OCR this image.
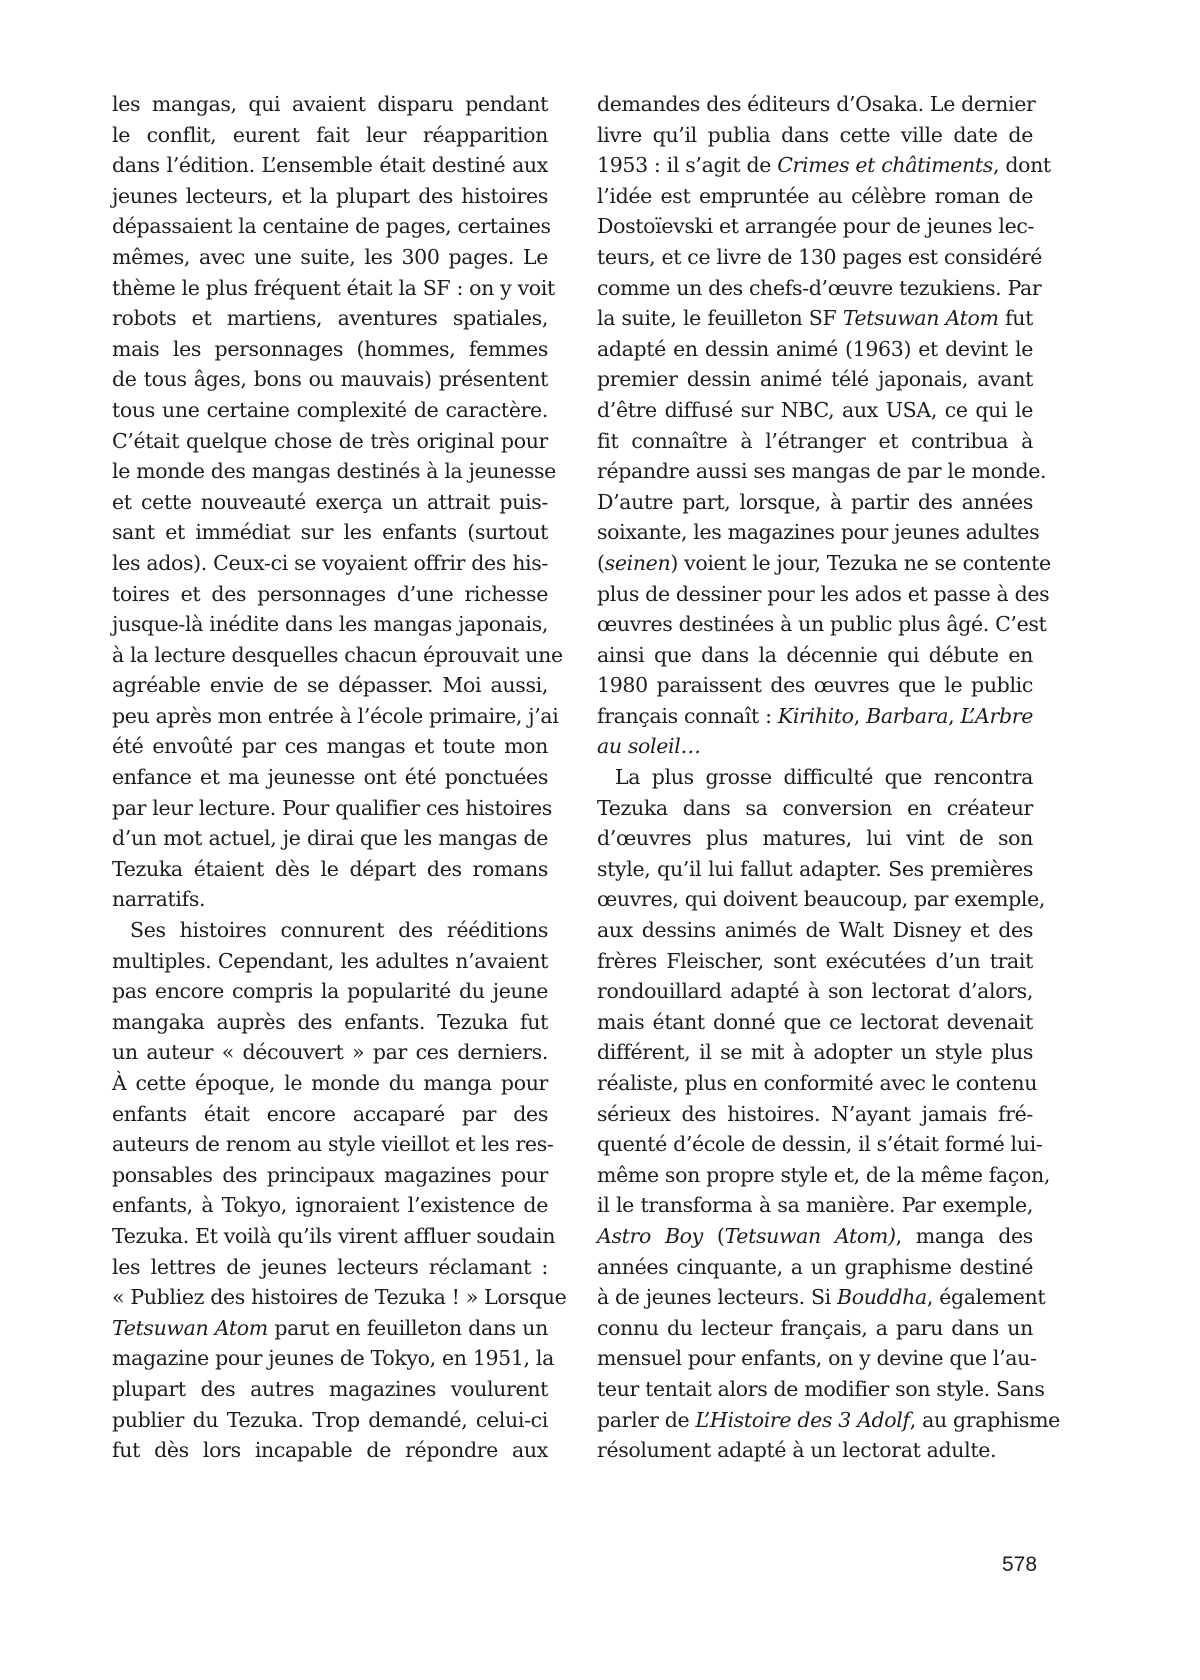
les mangas, qui avaient disparu pendant
le conflit, eurent fait leur réapparition
dans l’édition. L’ensemble était destiné aux
jeunes lecteurs, et la plupart des histoires
dépassaient la centaine de pages, certaines
mêmes, avec une suite, les 300 pages. Le
thème le plus fréquent était la SF : on y voit
robots et martiens, aventures spatiales,
mais les personnages (hommes, femmes
de tous âges, bons ou mauvais) présentent
tous une certaine complexité de caractère.
C’était quelque chose de très original pour
le monde des mangas destinés à la jeunesse
et cette nouveauté exerça un attrait puis-
sant et immédiat sur les enfants (surtout
les ados). Ceux-ci se voyaient offrir des his-
toires et des personnages d’une richesse
jusque-là inédite dans les mangas japonais,
à la lecture desquelles chacun éprouvait une
agréable envie de se dépasser. Moi aussi,
peu après mon entrée à l’école primaire, j’ai
été envoûté par ces mangas et toute mon
enfance et ma jeunesse ont été ponctuées
par leur lecture. Pour qualifier ces histoires
d’un mot actuel, je dirai que les mangas de
Tezuka étaient dès le départ des romans
narratifs.
Ses histoires connurent des rééditions
multiples. Cependant, les adultes n’avaient
pas encore compris la popularité du jeune
mangaka auprès des enfants. Tezuka fut
un auteur « découvert » par ces derniers.
À cette époque, le monde du manga pour
enfants était encore accaparé par des
auteurs de renom au style vieillot et les res-
ponsables des principaux magazines pour
enfants, à Tokyo, ignoraient l’existence de
Tezuka. Et voilà qu’ils virent affluer soudain
les lettres de jeunes lecteurs réclamant :
« Publiez des histoires de Tezuka ! » Lorsque
Tetsuwan Atom parut en feuilleton dans un
magazine pour jeunes de Tokyo, en 1951, la
plupart des autres magazines voulurent
publier du Tezuka. Trop demandé, celui-ci
fut dès lors incapable de répondre aux
demandes des éditeurs d’Osaka. Le dernier
livre qu’il publia dans cette ville date de
1953 : il s’agit de Crimes et châtiments, dont
l’idée est empruntée au célèbre roman de
Dostoïevski et arrangée pour de jeunes lec-
teurs, et ce livre de 130 pages est considéré
comme un des chefs-d’œuvre tezukiens. Par
la suite, le feuilleton SF Tetsuwan Atom fut
adapté en dessin animé (1963) et devint le
premier dessin animé télé japonais, avant
d’être diffusé sur NBC, aux USA, ce qui le
fit connaître à l’étranger et contribua à
répandre aussi ses mangas de par le monde.
D’autre part, lorsque, à partir des années
soixante, les magazines pour jeunes adultes
(seinen) voient le jour, Tezuka ne se contente
plus de dessiner pour les ados et passe à des
œuvres destinées à un public plus âgé. C’est
ainsi que dans la décennie qui débute en
1980 paraissent des œuvres que le public
français connaît : Kirihito, Barbara, L’Arbre
au soleil…
La plus grosse difficulté que rencontra
Tezuka dans sa conversion en créateur
d’œuvres plus matures, lui vint de son
style, qu’il lui fallut adapter. Ses premières
œuvres, qui doivent beaucoup, par exemple,
aux dessins animés de Walt Disney et des
frères Fleischer, sont exécutées d’un trait
rondouillard adapté à son lectorat d’alors,
mais étant donné que ce lectorat devenait
différent, il se mit à adopter un style plus
réaliste, plus en conformité avec le contenu
sérieux des histoires. N’ayant jamais fré-
quenté d’école de dessin, il s’était formé lui-
même son propre style et, de la même façon,
il le transforma à sa manière. Par exemple,
Astro Boy (Tetsuwan Atom), manga des
années cinquante, a un graphisme destiné
à de jeunes lecteurs. Si Bouddha, également
connu du lecteur français, a paru dans un
mensuel pour enfants, on y devine que l’au-
teur tentait alors de modifier son style. Sans
parler de L’Histoire des 3 Adolf, au graphisme
résolument adapté à un lectorat adulte.
578
